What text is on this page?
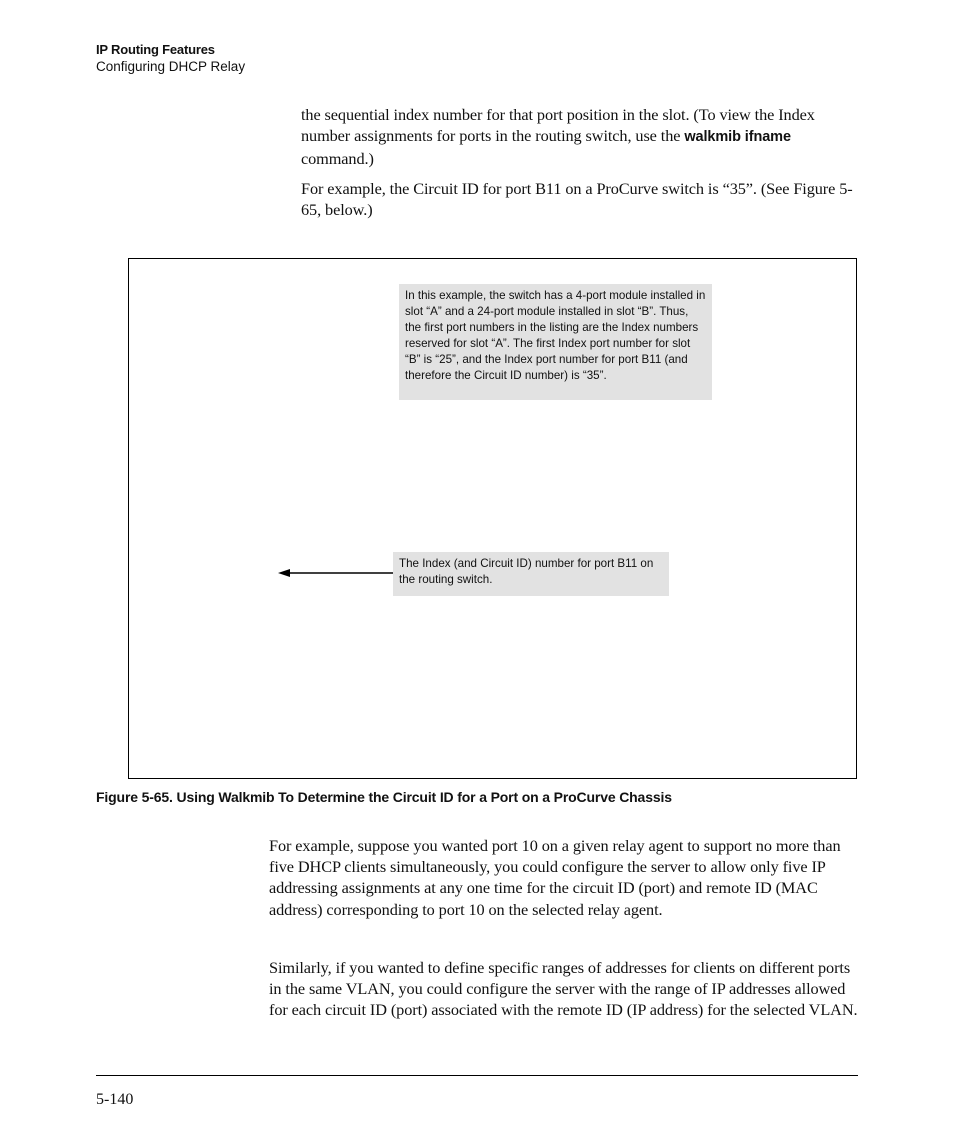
IP Routing Features
Configuring DHCP Relay

the sequential index number for that port position in the slot. (To view the Index number assignments for ports in the routing switch, use the walkmib ifname command.)

For example, the Circuit ID for port B11 on a ProCurve switch is “35”. (See Figure 5-65, below.)

In this example, the switch has a 4-port module installed in slot “A” and a 24-port module installed in slot “B”. Thus, the first port numbers in the listing are the Index numbers reserved for slot “A”. The first Index port number for slot “B” is “25”, and the Index port number for port B11 (and therefore the Circuit ID number) is “35”.
The Index (and Circuit ID) number for port B11 on the routing switch.
Figure 5-65. Using Walkmib To Determine the Circuit ID for a Port on a ProCurve Chassis

For example, suppose you wanted port 10 on a given relay agent to support no more than five DHCP clients simultaneously, you could configure the server to allow only five IP addressing assignments at any one time for the circuit ID (port) and remote ID (MAC address) corresponding to port 10 on the selected relay agent.

Similarly, if you wanted to define specific ranges of addresses for clients on different ports in the same VLAN, you could configure the server with the range of IP addresses allowed for each circuit ID (port) associated with the remote ID (IP address) for the selected VLAN.

5-140
